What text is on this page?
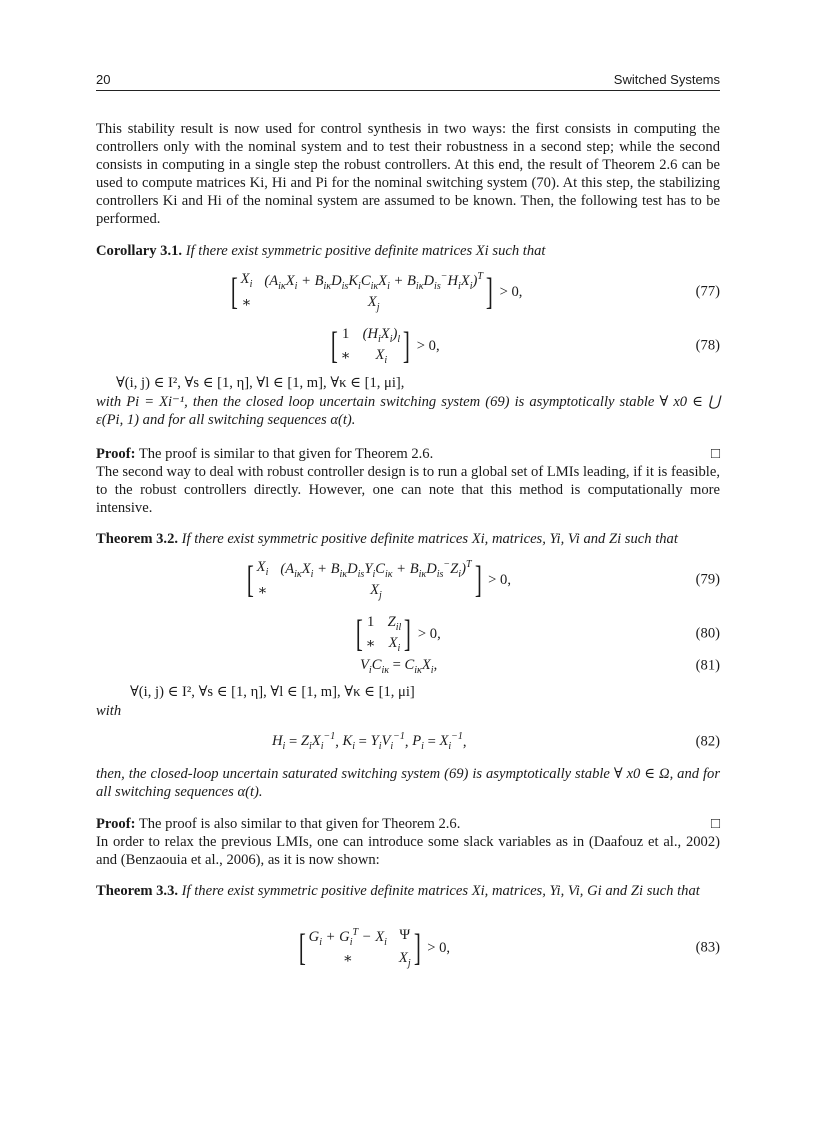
20	Switched Systems
This stability result is now used for control synthesis in two ways: the first consists in computing the controllers only with the nominal system and to test their robustness in a second step; while the second consists in computing in a single step the robust controllers. At this end, the result of Theorem 2.6 can be used to compute matrices Ki, Hi and Pi for the nominal switching system (70). At this step, the stabilizing controllers Ki and Hi of the nominal system are assumed to be known. Then, the following test has to be performed.
Corollary 3.1. If there exist symmetric positive definite matrices Xi such that
[ $X_i$ $(A_{i\kappa}X_i + B_{i\kappa}D_{is}K_iC_{i\kappa}X_i + B_{i\kappa}D_{is}^-H_iX_i)^T$
∗	$X_j$	] > 0,	(77)
[ 1 $(H_iX_i)_l$
∗	$X_i$ ] > 0,	(78)
∀(i, j) ∈ I², ∀s ∈ [1, η], ∀l ∈ [1, m], ∀κ ∈ [1, μi],
with Pi = Xi⁻¹, then the closed loop uncertain switching system (69) is asymptotically stable ∀ x0 ∈ ⋃ ε(Pi, 1) and for all switching sequences α(t).
Proof: The proof is similar to that given for Theorem 2.6.	□
The second way to deal with robust controller design is to run a global set of LMIs leading, if it is feasible, to the robust controllers directly. However, one can note that this method is computationally more intensive.
Theorem 3.2. If there exist symmetric positive definite matrices Xi, matrices, Yi, Vi and Zi such that
[ $X_i$ $(A_{i\kappa}X_i + B_{i\kappa}D_{is}Y_iC_{i\kappa} + B_{i\kappa}D_{is}^-Z_i)^T$
∗	$X_j$	] > 0,	(79)
[ 1 $Z_{il}$
∗ $X_i$ ] > 0,	(80)
$V_iC_{i\kappa} = C_{i\kappa}X_i$,	(81)
∀(i, j) ∈ I², ∀s ∈ [1, η], ∀l ∈ [1, m], ∀κ ∈ [1, μi]
with
$H_i = Z_iX_i^{-1}$, $K_i = Y_iV_i^{-1}$, $P_i = X_i^{-1}$,	(82)
then, the closed-loop uncertain saturated switching system (69) is asymptotically stable ∀ x0 ∈ Ω, and for all switching sequences α(t).
Proof: The proof is also similar to that given for Theorem 2.6.	□
In order to relax the previous LMIs, one can introduce some slack variables as in (Daafouz et al., 2002) and (Benzaouia et al., 2006), as it is now shown:
Theorem 3.3. If there exist symmetric positive definite matrices Xi, matrices, Yi, Vi, Gi and Zi such that
[ $G_i + G_i^T - X_i$ Ψ
∗	$X_j$ ] > 0,	(83)
